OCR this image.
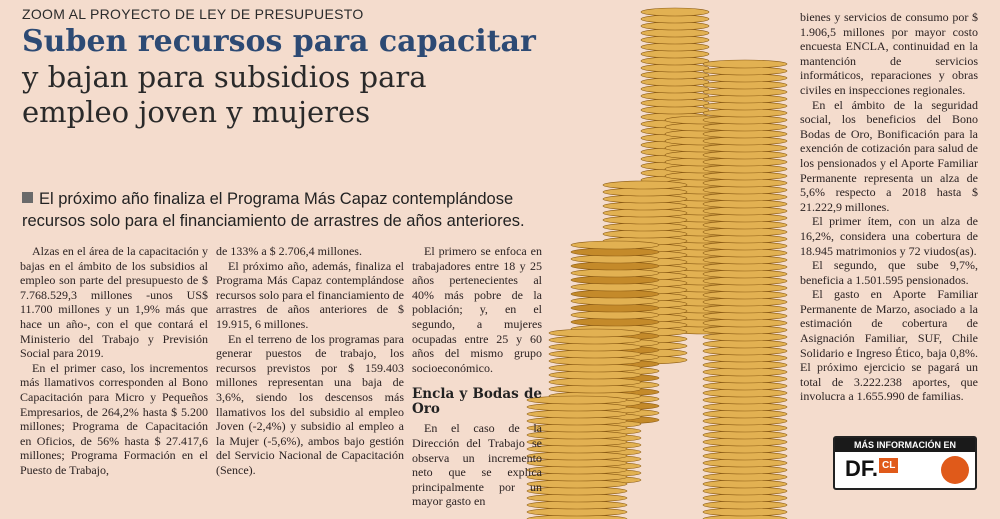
ZOOM AL PROYECTO DE LEY DE PRESUPUESTO
Suben recursos para capacitar
y bajan para subsidios para
empleo joven y mujeres
El próximo año finaliza el Programa Más Capaz contemplándose recursos solo para el financiamiento de arrastres de años anteriores.

Alzas en el área de la capacitación y bajas en el ámbito de los subsidios al empleo son parte del presupuesto de $ 7.768.529,3 millones -unos US$ 11.700 millones y un 1,9% más que hace un año-, con el que contará el Ministerio del Trabajo y Previsión Social para 2019.

En el primer caso, los incrementos más llamativos corresponden al Bono Capacitación para Micro y Pequeños Empresarios, de 264,2% hasta $ 5.200 millones; Programa de Capacitación en Oficios, de 56% hasta $ 27.417,6 millones; Programa Formación en el Puesto de Trabajo,

de 133% a $ 2.706,4 millones.

El próximo año, además, finaliza el Programa Más Capaz contemplándose recursos solo para el financiamiento de arrastres de años anteriores de $ 19.915, 6 millones.

En el terreno de los programas para generar puestos de trabajo, los recursos previstos por $ 159.403 millones representan una baja de 3,6%, siendo los descensos más llamativos los del subsidio al empleo Joven (-2,4%) y subsidio al empleo a la Mujer (-5,6%), ambos bajo gestión del Servicio Nacional de Capacitación (Sence).

El primero se enfoca en trabajadores entre 18 y 25 años pertenecientes al 40% más pobre de la población; y, en el segundo, a mujeres ocupadas entre 25 y 60 años del mismo grupo socioeconómico.

Encla y Bodas de Oro

En el caso de la Dirección del Trabajo se observa un incremento neto que se explica principalmente por un mayor gasto en

bienes y servicios de consumo por $ 1.906,5 millones por mayor costo encuesta ENCLA, continuidad en la mantención de servicios informáticos, reparaciones y obras civiles en inspecciones regionales.

En el ámbito de la seguridad social, los beneficios del Bono Bodas de Oro, Bonificación para la exención de cotización para salud de los pensionados y el Aporte Familiar Permanente representa un alza de 5,6% respecto a 2018 hasta $ 21.222,9 millones.

El primer ítem, con un alza de 16,2%, considera una cobertura de 18.945 matrimonios y 72 viudos(as).

El segundo, que sube 9,7%, beneficia a 1.501.595 pensionados.

El gasto en Aporte Familiar Permanente de Marzo, asociado a la estimación de cobertura de Asignación Familiar, SUF, Chile Solidario e Ingreso Ético, baja 0,8%. El próximo ejercicio se pagará un total de 3.222.238 aportes, que involucra a 1.655.990 de familias.

MÁS INFORMACIÓN EN
DF. CL
